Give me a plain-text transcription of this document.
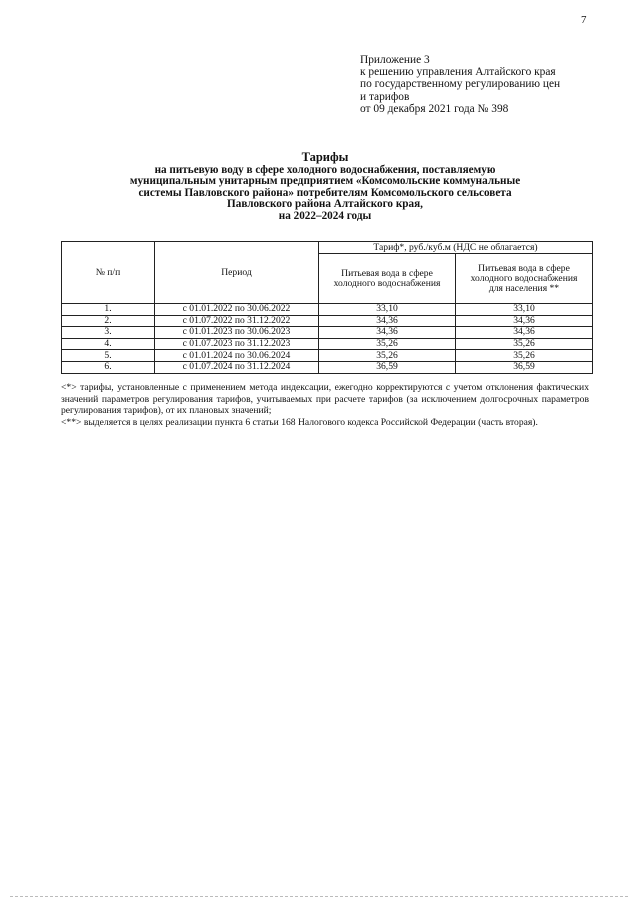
7
Приложение 3
к решению управления Алтайского края
по государственному регулированию цен
и тарифов
от 09 декабря 2021 года № 398
Тарифы
на питьевую воду в сфере холодного водоснабжения, поставляемую
муниципальным унитарным предприятием «Комсомольские коммунальные
системы Павловского района» потребителям Комсомольского сельсовета
Павловского района Алтайского края,
на 2022–2024 годы
№ п/п	Период	Тариф*, руб./куб.м (НДС не облагается)	
		Питьевая вода в сфере холодного водоснабжения	Питьевая вода в сфере холодного водоснабжения для населения **
1.	с 01.01.2022 по 30.06.2022	33,10	33,10
2.	с 01.07.2022 по 31.12.2022	34,36	34,36
3.	с 01.01.2023 по 30.06.2023	34,36	34,36
4.	с 01.07.2023 по 31.12.2023	35,26	35,26
5.	с 01.01.2024 по 30.06.2024	35,26	35,26
6.	с 01.07.2024 по 31.12.2024	36,59	36,59

<*> тарифы, установленные с применением метода индексации, ежегодно корректируются с учетом отклонения фактических значений параметров регулирования тарифов, учитываемых при расчете тарифов (за исключением долгосрочных параметров регулирования тарифов), от их плановых значений;

<**> выделяется в целях реализации пункта 6 статьи 168 Налогового кодекса Российской Федерации (часть вторая).
